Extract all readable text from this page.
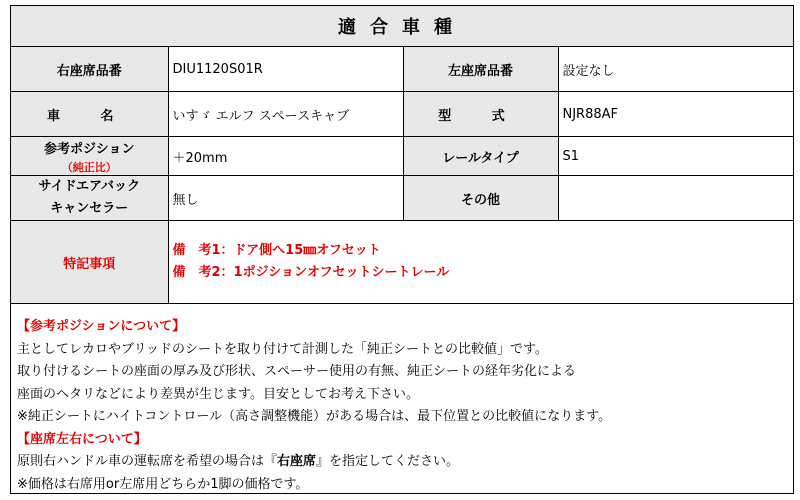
適合車種
右座席品番	DIU1120S01R	左座席品番	設定なし
車 名	いすゞ エルフ スペースキャブ	型 式	NJR88AF
参考ポジション
（純正比）	＋20mm	レールタイプ	S1

サイドエアバック
キャンセラー	無し	その他	
特記事項	備　考1：ドア側へ15㎜オフセット
備　考2：1ポジションオフセットシートレール		
【参考ポジションについて】
主としてレカロやブリッドのシートを取り付けて計測した「純正シートとの比較値」です。
取り付けるシートの座面の厚み及び形状、スペーサー使用の有無、純正シートの経年劣化による
座面のヘタリなどにより差異が生じます。目安としてお考え下さい。
※純正シートにハイトコントロール（高さ調整機能）がある場合は、最下位置との比較値になります。
【座席左右について】
原則右ハンドル車の運転席を希望の場合は『右座席』を指定してください。
※価格は右席用or左席用どちらか1脚の価格です。
